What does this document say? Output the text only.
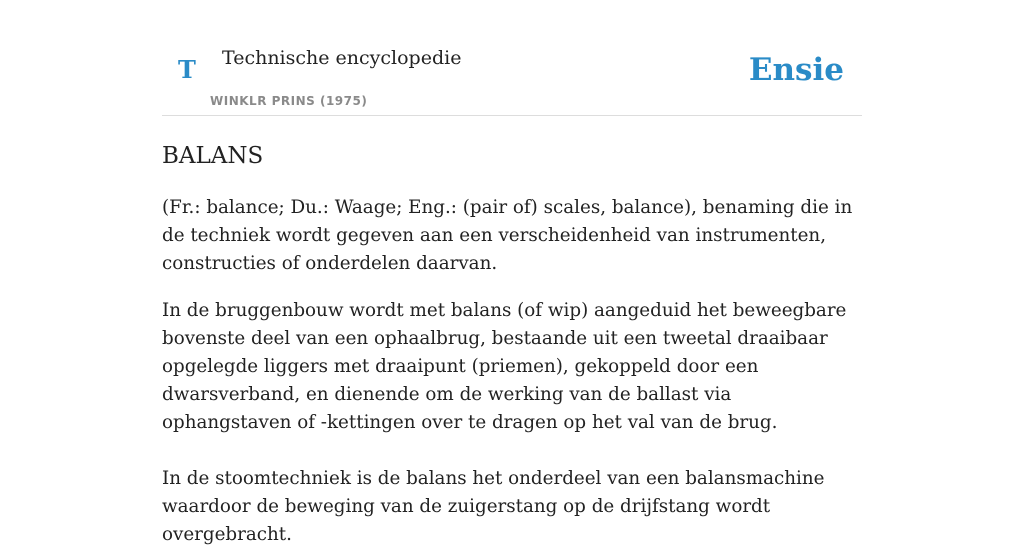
T Technische encyclopedie
WINKLR PRINS (1975)
Ensie
BALANS

(Fr.: balance; Du.: Waage; Eng.: (pair of) scales, balance), benaming die in de techniek wordt gegeven aan een verscheidenheid van instrumenten, constructies of onderdelen daarvan.

In de bruggenbouw wordt met balans (of wip) aangeduid het beweegbare bovenste deel van een ophaalbrug, bestaande uit een tweetal draaibaar opgelegde liggers met draaipunt (priemen), gekoppeld door een dwarsverband, en dienende om de werking van de ballast via ophangstaven of -kettingen over te dragen op het val van de brug.

In de stoomtechniek is de balans het onderdeel van een balansmachine waardoor de beweging van de zuigerstang op de drijfstang wordt overgebracht.
